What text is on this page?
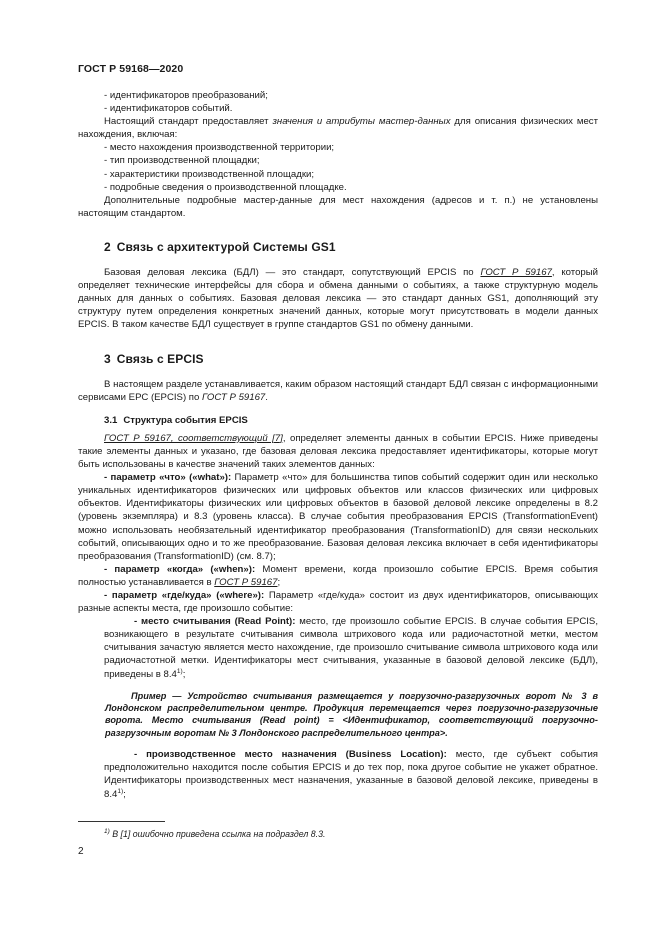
ГОСТ Р 59168—2020

- идентификаторов преобразований;

- идентификаторов событий.

Настоящий стандарт предоставляет значения и атрибуты мастер-данных для описания физических мест нахождения, включая:

- место нахождения производственной территории;

- тип производственной площадки;

- характеристики производственной площадки;

- подробные сведения о производственной площадке.

Дополнительные подробные мастер-данные для мест нахождения (адресов и т. п.) не установлены настоящим стандартом.

2 Связь с архитектурой Системы GS1

Базовая деловая лексика (БДЛ) — это стандарт, сопутствующий EPCIS по ГОСТ Р 59167, который определяет технические интерфейсы для сбора и обмена данными о событиях, а также структурную модель данных для данных о событиях. Базовая деловая лексика — это стандарт данных GS1, дополняющий эту структуру путем определения конкретных значений данных, которые могут присутствовать в модели данных EPCIS. В таком качестве БДЛ существует в группе стандартов GS1 по обмену данными.

3 Связь с EPCIS

В настоящем разделе устанавливается, каким образом настоящий стандарт БДЛ связан с информационными сервисами ЕРС (EPCIS) по ГОСТ Р 59167.

3.1 Структура события EPCIS

ГОСТ Р 59167, соответствующий [7], определяет элементы данных в событии EPCIS. Ниже приведены такие элементы данных и указано, где базовая деловая лексика предоставляет идентификаторы, которые могут быть использованы в качестве значений таких элементов данных:

- параметр «что» («what»): Параметр «что» для большинства типов событий содержит один или несколько уникальных идентификаторов физических или цифровых объектов или классов физических или цифровых объектов. Идентификаторы физических или цифровых объектов в базовой деловой лексике определены в 8.2 (уровень экземпляра) и 8.3 (уровень класса). В случае события преобразования EPCIS (TransformationEvent) можно использовать необязательный идентификатор преобразования (TransformationID) для связи нескольких событий, описывающих одно и то же преобразование. Базовая деловая лексика включает в себя идентификаторы преобразования (TransformationID) (см. 8.7);

- параметр «когда» («when»): Момент времени, когда произошло событие EPCIS. Время события полностью устанавливается в ГОСТ Р 59167;

- параметр «где/куда» («where»): Параметр «где/куда» состоит из двух идентификаторов, описывающих разные аспекты места, где произошло событие:

- место считывания (Read Point): место, где произошло событие EPCIS. В случае события EPCIS, возникающего в результате считывания символа штрихового кода или радиочастотной метки, местом считывания зачастую является место нахождение, где произошло считывание символа штрихового кода или радиочастотной метки. Идентификаторы мест считывания, указанные в базовой деловой лексике (БДЛ), приведены в 8.4$^{1)}$;

Пример — Устройство считывания размещается у погрузочно-разгрузочных ворот № 3 в Лондонском распределительном центре. Продукция перемещается через погрузочно-разгрузочные ворота. Место считывания (Read point) = <Идентификатор, соответствующий погрузочно-разгрузочным воротам № 3 Лондонского распределительного центра>.

- производственное место назначения (Business Location): место, где субъект события предположительно находится после события EPCIS и до тех пор, пока другое событие не укажет обратное. Идентификаторы производственных мест назначения, указанные в базовой деловой лексике, приведены в 8.4$^{1)}$;

$^{1)}$ В [1] ошибочно приведена ссылка на подраздел 8.3.
2
